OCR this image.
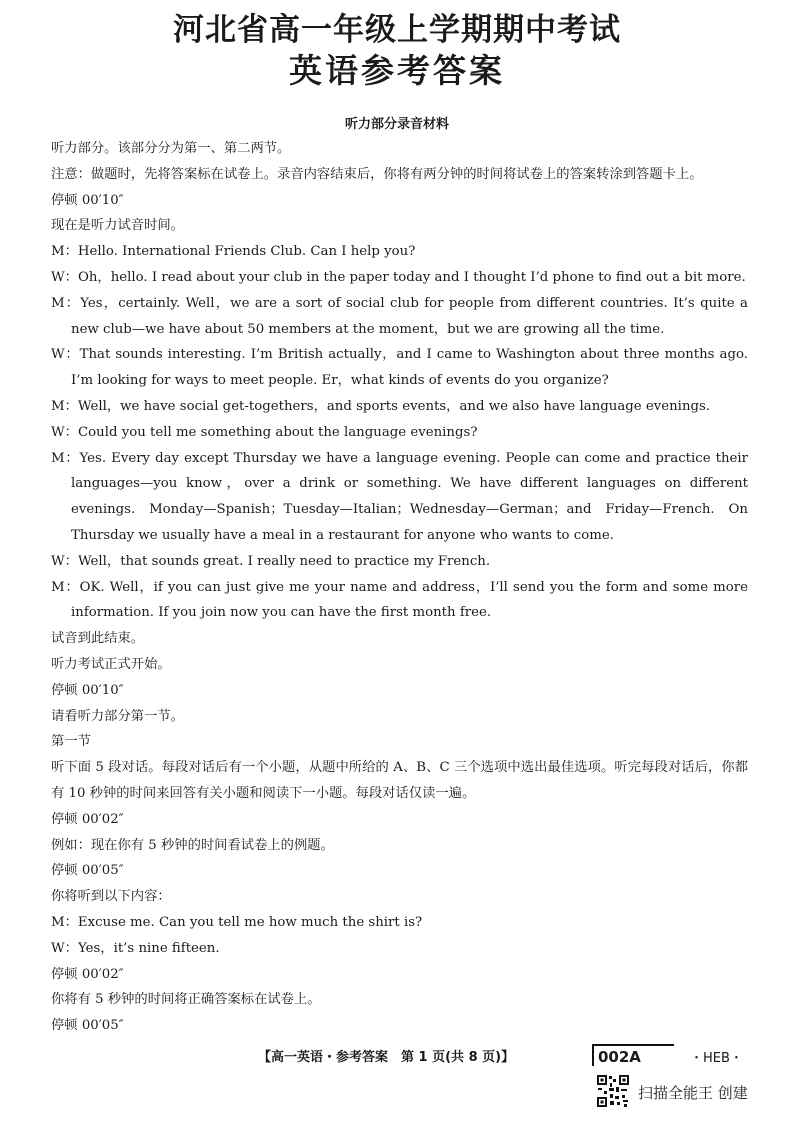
河北省高一年级上学期期中考试
英语参考答案
听力部分录音材料
听力部分。该部分分为第一、第二两节。
注意：做题时，先将答案标在试卷上。录音内容结束后，你将有两分钟的时间将试卷上的答案转涂到答题卡上。
停顿 00′10″
现在是听力试音时间。
M：Hello. International Friends Club. Can I help you?
W：Oh，hello. I read about your club in the paper today and I thought I’d phone to find out a bit more.
M：Yes，certainly. Well，we are a sort of social club for people from different countries. It’s quite a new club—we have about 50 members at the moment，but we are growing all the time.
W：That sounds interesting. I’m British actually，and I came to Washington about three months ago. I’m looking for ways to meet people. Er，what kinds of events do you organize?
M：Well，we have social get-togethers，and sports events，and we also have language evenings.
W：Could you tell me something about the language evenings?
M：Yes. Every day except Thursday we have a language evening. People can come and practice their languages—you know，over a drink or something. We have different languages on different evenings. Monday—Spanish；Tuesday—Italian；Wednesday—German；and Friday—French. On Thursday we usually have a meal in a restaurant for anyone who wants to come.
W：Well，that sounds great. I really need to practice my French.
M：OK. Well，if you can just give me your name and address，I’ll send you the form and some more information. If you join now you can have the first month free.
试音到此结束。
听力考试正式开始。
停顿 00′10″
请看听力部分第一节。
第一节
听下面 5 段对话。每段对话后有一个小题，从题中所给的 A、B、C 三个选项中选出最佳选项。听完每段对话后，你都有 10 秒钟的时间来回答有关小题和阅读下一小题。每段对话仅读一遍。
停顿 00′02″
例如：现在你有 5 秒钟的时间看试卷上的例题。
停顿 00′05″
你将听到以下内容：
M：Excuse me. Can you tell me how much the shirt is?
W：Yes，it’s nine fifteen.
停顿 00′02″
你将有 5 秒钟的时间将正确答案标在试卷上。
停顿 00′05″
【高一英语・参考答案　第 1 页(共 8 页)】	002A	・HEB・
扫描全能王 创建
